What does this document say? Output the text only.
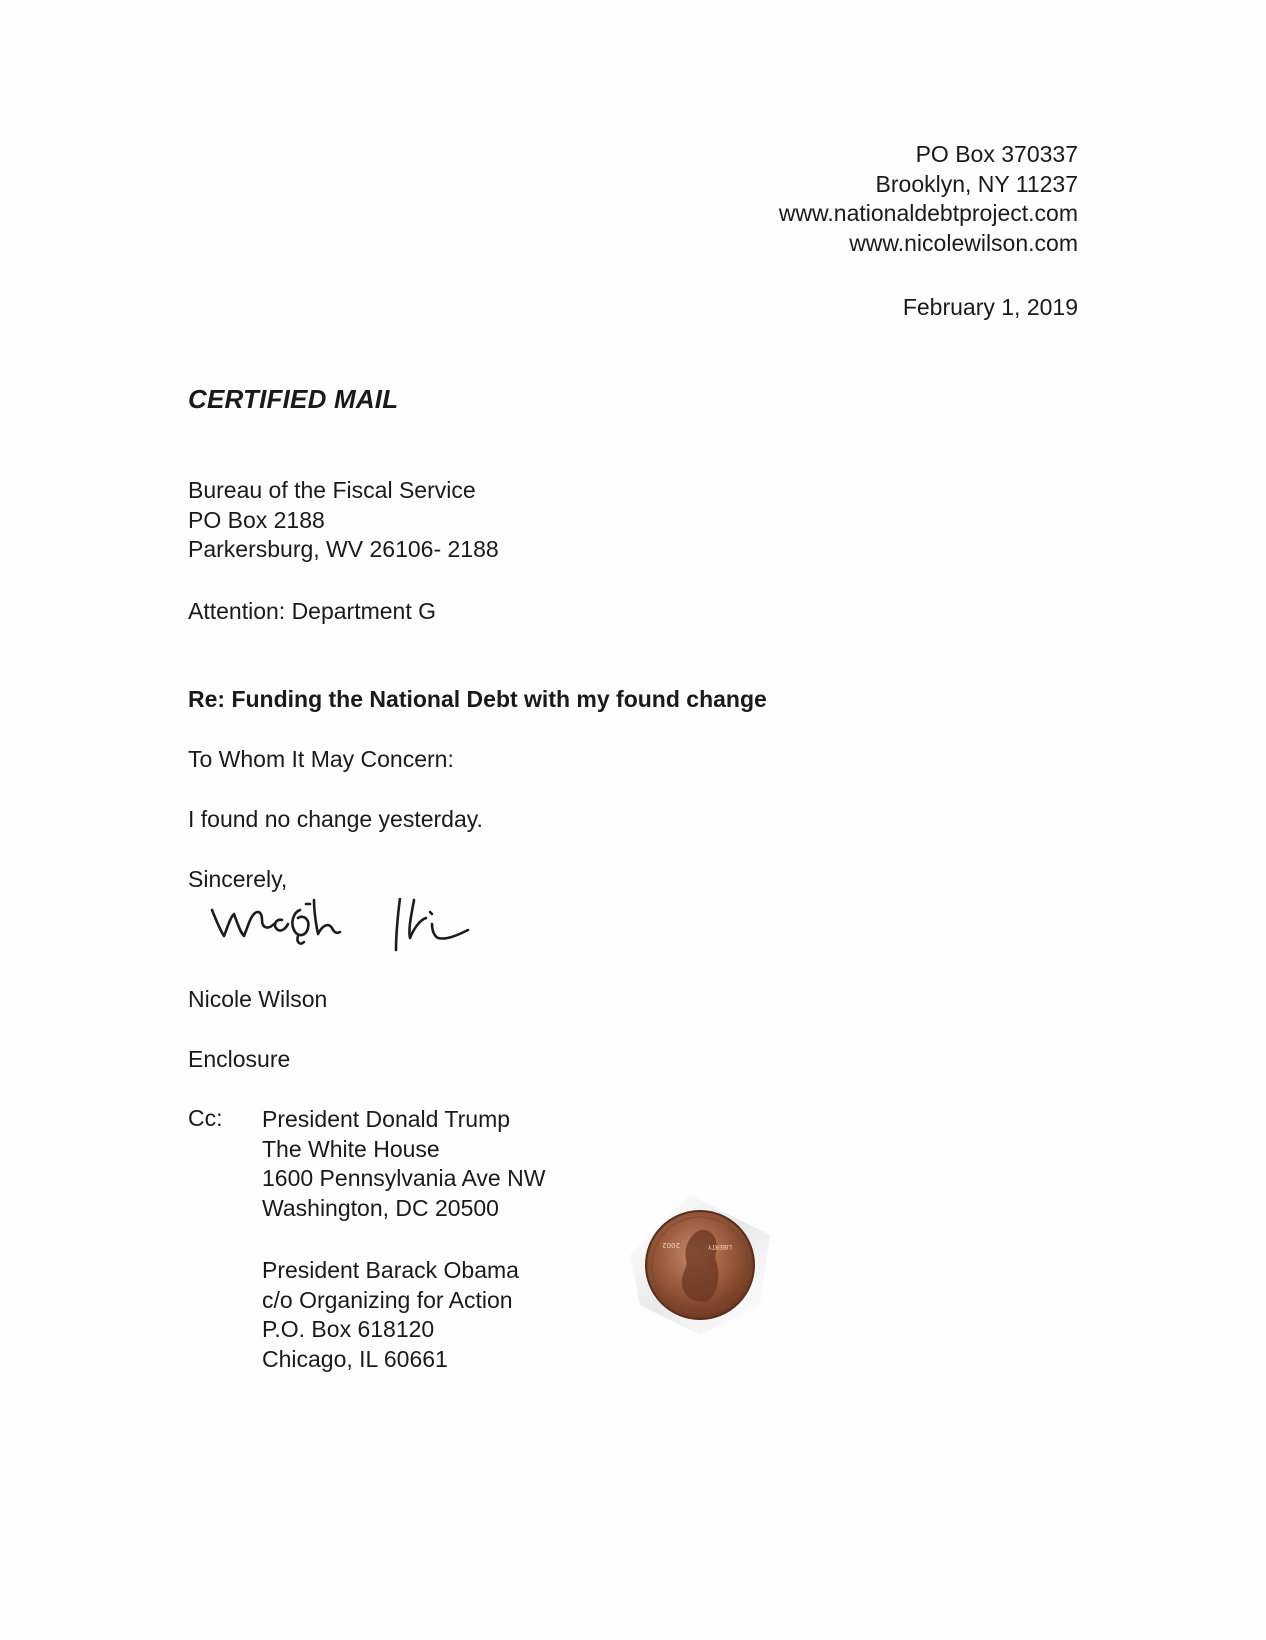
PO Box 370337
Brooklyn, NY 11237
www.nationaldebtproject.com
www.nicolewilson.com
February 1, 2019
CERTIFIED MAIL
Bureau of the Fiscal Service
PO Box 2188
Parkersburg, WV 26106- 2188
Attention: Department G
Re: Funding the National Debt with my found change
To Whom It May Concern:
I found no change yesterday.
Sincerely,
Nicole Wilson
Enclosure
Cc: President Donald Trump
The White House
1600 Pennsylvania Ave NW
Washington, DC 20500
President Barack Obama
c/o Organizing for Action
P.O. Box 618120
Chicago, IL 60661
LIBERTY
2002
